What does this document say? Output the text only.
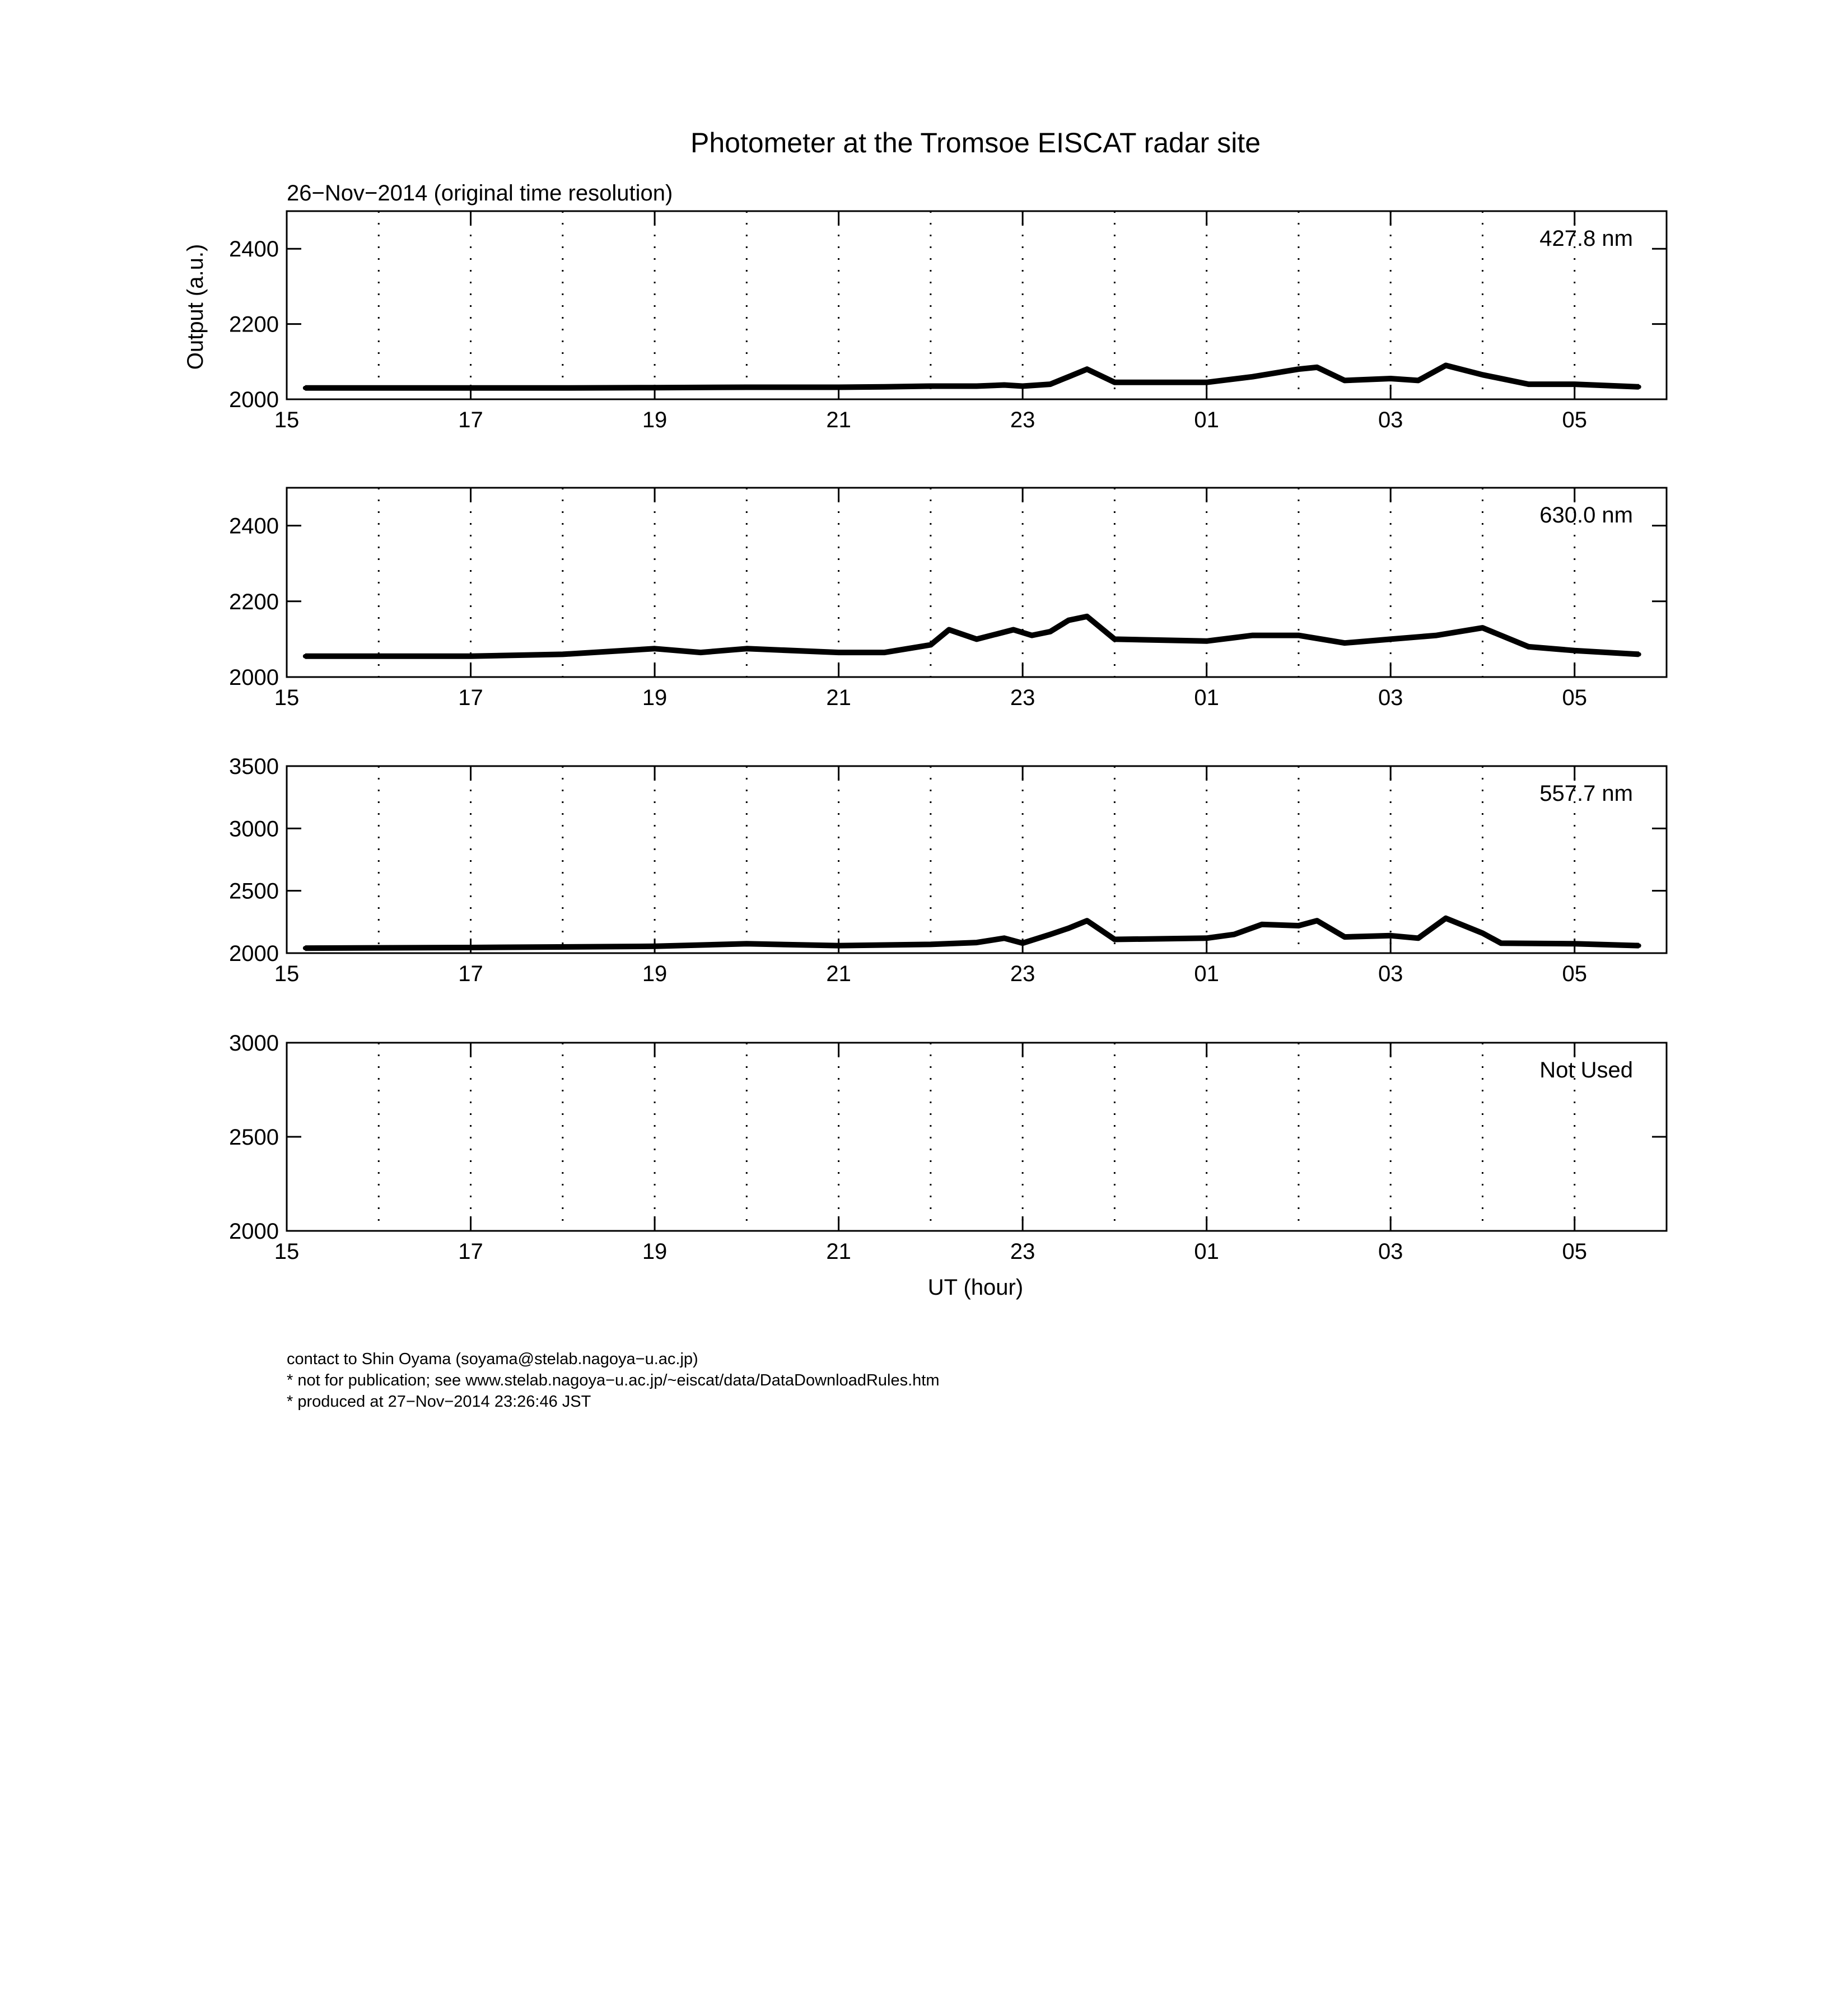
Photometer at the Tromsoe EISCAT radar site
26−Nov−2014 (original time resolution)
Output (a.u.)
UT (hour)
15	17	19	21	23	01	03	05
2000
2200
2400	427.8 nm
15	17	19	21	23	01	03	05
2000
2200
2400	630.0 nm
15	17	19	21	23	01	03	05
2000
2500
3000
3500
557.7 nm
15	17	19	21	23	01	03	05
2000
2500
3000
Not Used
contact to Shin Oyama (soyama@stelab.nagoya−u.ac.jp)
* not for publication; see www.stelab.nagoya−u.ac.jp/~eiscat/data/DataDownloadRules.htm
* produced at 27−Nov−2014 23:26:46 JST
